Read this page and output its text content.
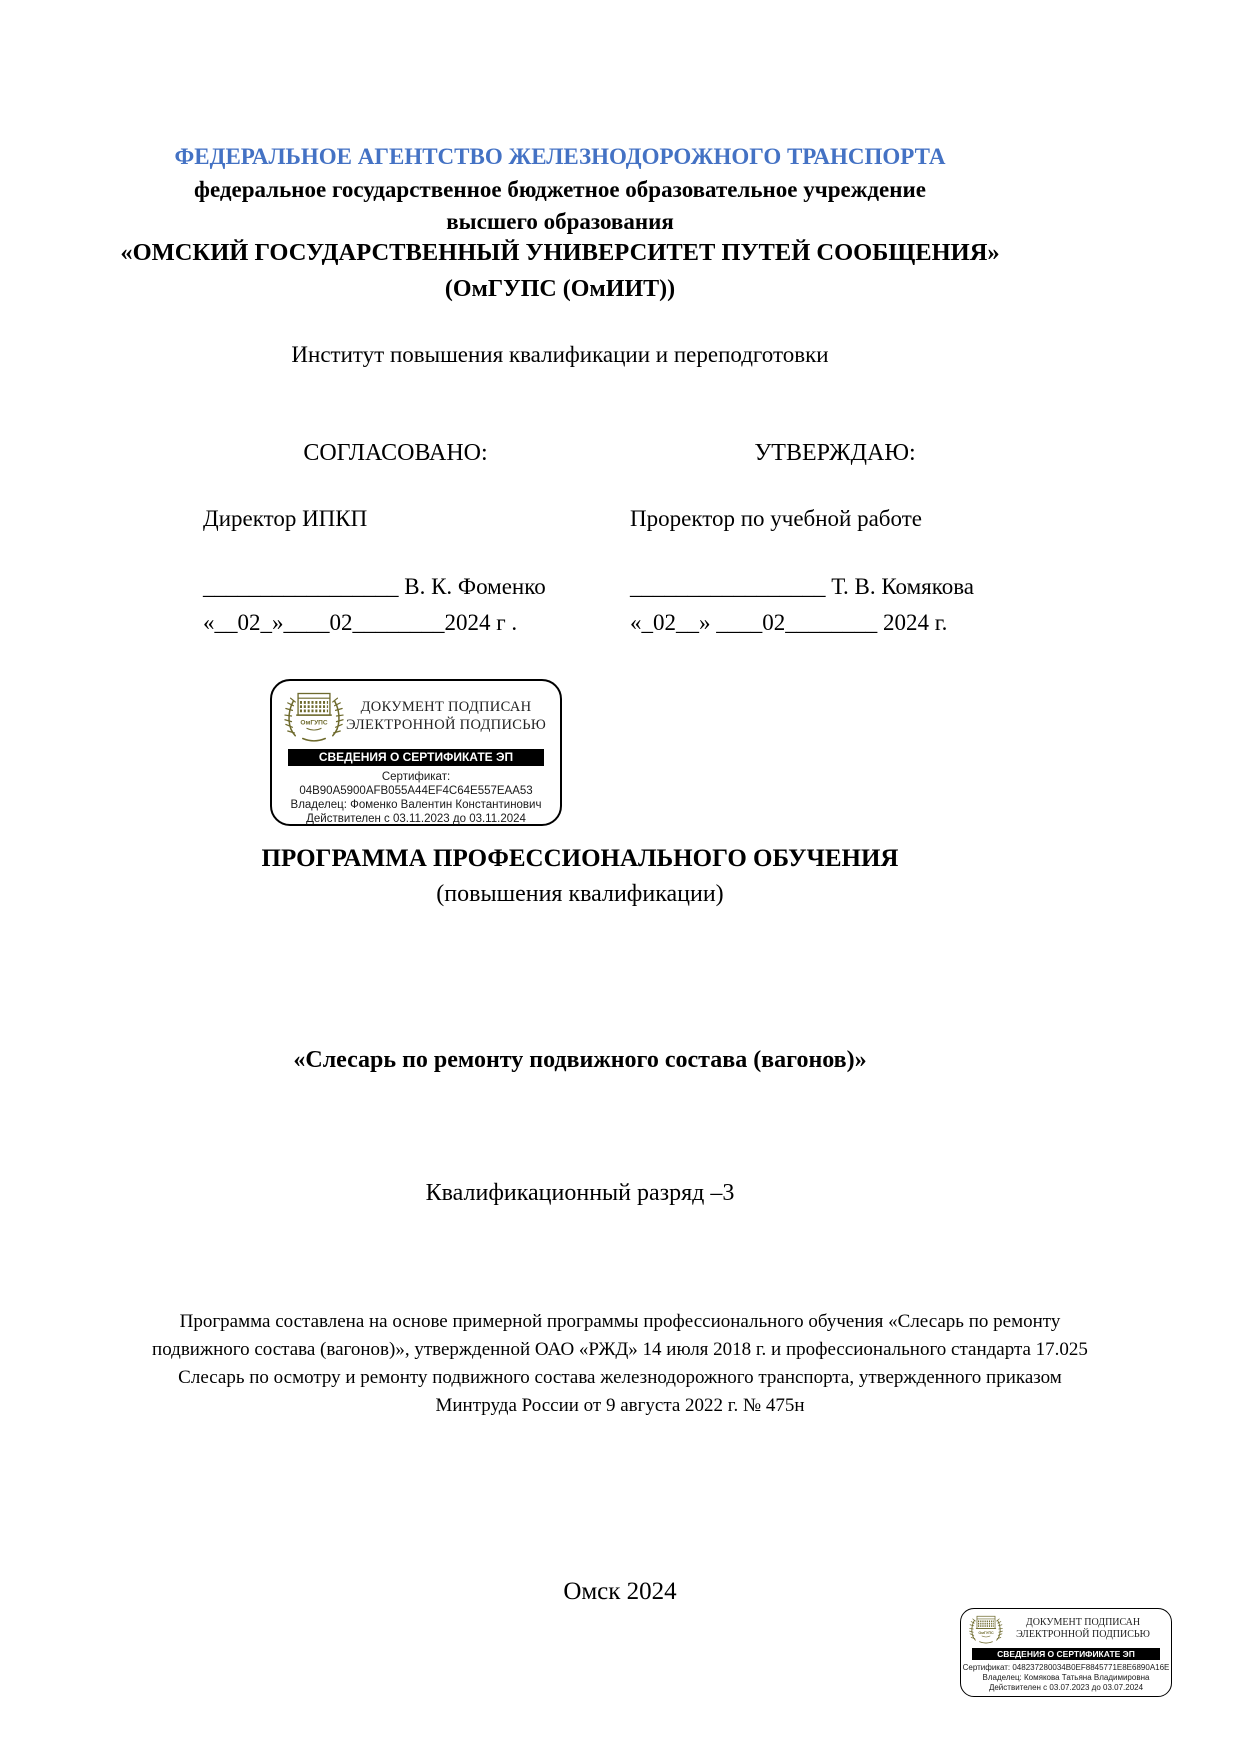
ФЕДЕРАЛЬНОЕ АГЕНТСТВО ЖЕЛЕЗНОДОРОЖНОГО ТРАНСПОРТА
федеральное государственное бюджетное образовательное учреждение
высшего образования
«ОМСКИЙ ГОСУДАРСТВЕННЫЙ УНИВЕРСИТЕТ ПУТЕЙ СООБЩЕНИЯ»
(ОмГУПС (ОмИИТ))
Институт повышения квалификации и переподготовки
СОГЛАСОВАНО:
Директор ИПКП
_________________ В. К. Фоменко
«__02_»____02________2024 г .
УТВЕРЖДАЮ:
Проректор по учебной работе
_________________ Т. В. Комякова
«_02__» ____02________ 2024 г.
ОмГУПС
ДОКУМЕНТ ПОДПИСАН
ЭЛЕКТРОННОЙ ПОДПИСЬЮ
СВЕДЕНИЯ О СЕРТИФИКАТЕ ЭП
Сертификат:
04B90A5900AFB055A44EF4C64E557EAA53
Владелец: Фоменко Валентин Константинович
Действителен с 03.11.2023 до 03.11.2024
ПРОГРАММА ПРОФЕССИОНАЛЬНОГО ОБУЧЕНИЯ
(повышения квалификации)
«Слесарь по ремонту подвижного состава (вагонов)»
Квалификационный разряд –3
Программа составлена на основе примерной программы профессионального обучения «Слесарь по ремонту подвижного состава (вагонов)», утвержденной ОАО «РЖД» 14 июля 2018 г. и профессионального стандарта 17.025 Слесарь по осмотру и ремонту подвижного состава железнодорожного транспорта, утвержденного приказом Минтруда России от 9 августа 2022 г. № 475н
Омск 2024
ОмГУПС
ДОКУМЕНТ ПОДПИСАН
ЭЛЕКТРОННОЙ ПОДПИСЬЮ
СВЕДЕНИЯ О СЕРТИФИКАТЕ ЭП
Сертификат: 048237280034B0EF8845771E8E6890A16E
Владелец: Комякова Татьяна Владимировна
Действителен с 03.07.2023 до 03.07.2024
